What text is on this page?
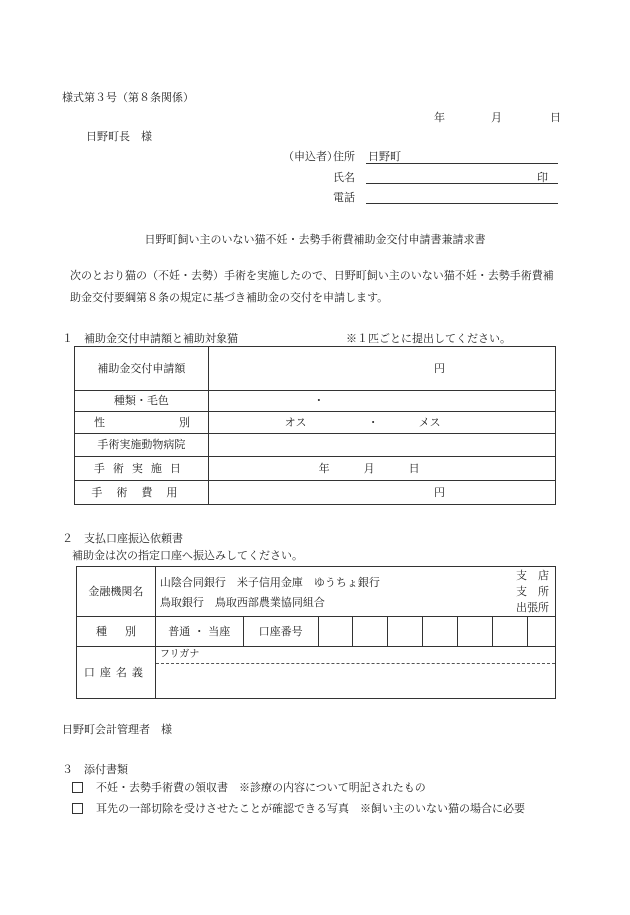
様式第３号（第８条関係）
年	月	日
日野町長　様
（申込者）
住所 日野町
氏名	印
電話
日野町飼い主のいない猫不妊・去勢手術費補助金交付申請書兼請求書
次のとおり猫の（不妊・去勢）手術を実施したので、日野町飼い主のいない猫不妊・去勢手術費補
助金交付要綱第８条の規定に基づき補助金の交付を申請します。
１　補助金交付申請額と補助対象猫	※１匹ごとに提出してください。
補助金交付申請額	円
種類・毛色	・

性 別	オス ・ メス

手術実施動物病院	
手術実施日	年 月 日

手術費用	円
２　支払口座振込依頼書
補助金は次の指定口座へ振込みしてください。
金融機関名	山陰合同銀行　米子信用金庫　ゆうちょ銀行
鳥取銀行　鳥取西部農業協同組合
支　店
支　所
出張所								

種 別	普通 ・ 当座	口座番号							
口座名義	フリガナ								
日野町会計管理者　様
３　添付書類
不妊・去勢手術費の領収書　※診療の内容について明記されたもの
耳先の一部切除を受けさせたことが確認できる写真　※飼い主のいない猫の場合に必要
